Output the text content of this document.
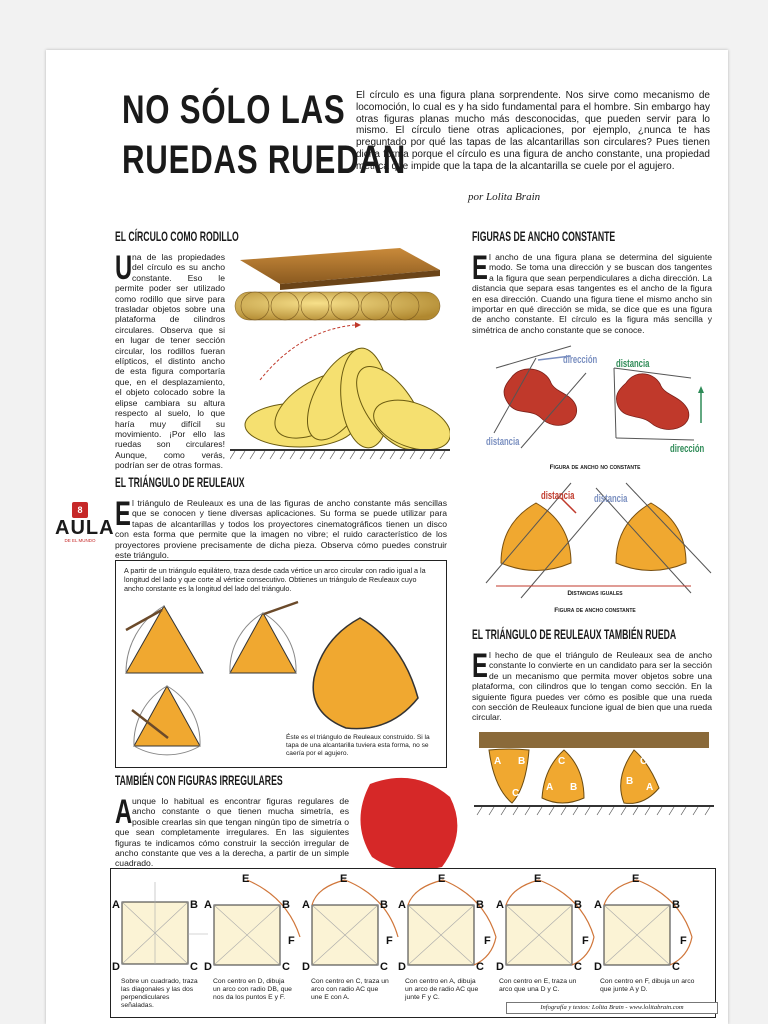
NO SÓLO LAS
RUEDAS RUEDAN
El círculo es una figura plana sorprendente. Nos sirve como mecanismo de locomoción, lo cual es y ha sido fundamental para el hombre. Sin embargo hay otras figuras planas mucho más desconocidas, que pueden servir para lo mismo. El círculo tiene otras aplicaciones, por ejemplo, ¿nunca te has preguntado por qué las tapas de las alcantarillas son circulares? Pues tienen dicha forma porque el círculo es una figura de ancho constante, una propiedad métrica que impide que la tapa de la alcantarilla se cuele por el agujero.
por Lolita Brain
EL CÍRCULO COMO RODILLO
Una de las propiedades del círculo es su ancho constante. Eso le permite poder ser utilizado como rodillo que sirve para trasladar objetos sobre una plataforma de cilindros circulares. Observa que si en lugar de tener sección circular, los rodillos fueran elípticos, el distinto ancho de esta figura comportaría que, en el desplazamiento, el objeto colocado sobre la elipse cambiara su altura respecto al suelo, lo que haría muy difícil su movimiento. ¡Por ello las ruedas son circulares! Aunque, como verás, podrían ser de otras formas.
FIGURAS DE ANCHO CONSTANTE
El ancho de una figura plana se determina del siguiente modo. Se toma una dirección y se buscan dos tangentes a la figura que sean perpendiculares a dicha dirección. La distancia que separa esas tangentes es el ancho de la figura en esa dirección. Cuando una figura tiene el mismo ancho sin importar en qué dirección se mida, se dice que es una figura de ancho constante. El círculo es la figura más sencilla y simétrica de ancho constante que se conoce.
dirección distancia
distancia
dirección
Figura de ancho no constante
distancia distancia
Distancias iguales
Figura de ancho constante
8
AULA
DE EL MUNDO
EL TRIÁNGULO DE REULEAUX
El triángulo de Reuleaux es una de las figuras de ancho constante más sencillas que se conocen y tiene diversas aplicaciones. Su forma se puede utilizar para tapas de alcantarillas y todos los proyectores cinematográficos tienen un disco con esta forma que permite que la imagen no vibre; el ruido característico de los proyectores proviene precisamente de dicha pieza. Observa cómo puedes construir este triángulo.
A partir de un triángulo equilátero, traza desde cada vértice un arco circular con radio igual a la longitud del lado y que corte al vértice consecutivo. Obtienes un triángulo de Reuleaux cuyo ancho constante es la longitud del lado del triángulo.
Éste es el triángulo de Reuleaux construido. Si la tapa de una alcantarilla tuviera esta forma, no se caería por el agujero.
EL TRIÁNGULO DE REULEAUX TAMBIÉN RUEDA
El hecho de que el triángulo de Reuleaux sea de ancho constante lo convierte en un candidato para ser la sección de un mecanismo que permita mover objetos sobre una plataforma, con cilindros que lo tengan como sección. En la siguiente figura puedes ver cómo es posible que una rueda con sección de Reuleaux funcione igual de bien que una rueda circular.
A B
C
C
A B
C
B
A
TAMBIÉN CON FIGURAS IRREGULARES
Aunque lo habitual es encontrar figuras regulares de ancho constante o que tienen mucha simetría, es posible crearlas sin que tengan ningún tipo de simetría o que sean completamente irregulares. En las siguientes figuras te indicamos cómo construir la sección irregular de ancho constante que ves a la derecha, a partir de un simple cuadrado.
A	B
D	C
A	B
D	C
E
F
A	B
D	C
E
F
A	B
D	C
E
F
A	B
D	C
E
F
A	B
D	C
E
F
Sobre un cuadrado, traza las diagonales y las dos perpendiculares señaladas.
Con centro en D, dibuja un arco con radio DB, que nos da los puntos E y F.
Con centro en C, traza un arco con radio AC que une E con A.
Con centro en A, dibuja un arco de radio AC que junte F y C.
Con centro en E, traza un arco que una D y C.
Con centro en F, dibuja un arco que junte A y D.
Infografía y textos: Lolita Brain - www.lolitabrain.com
